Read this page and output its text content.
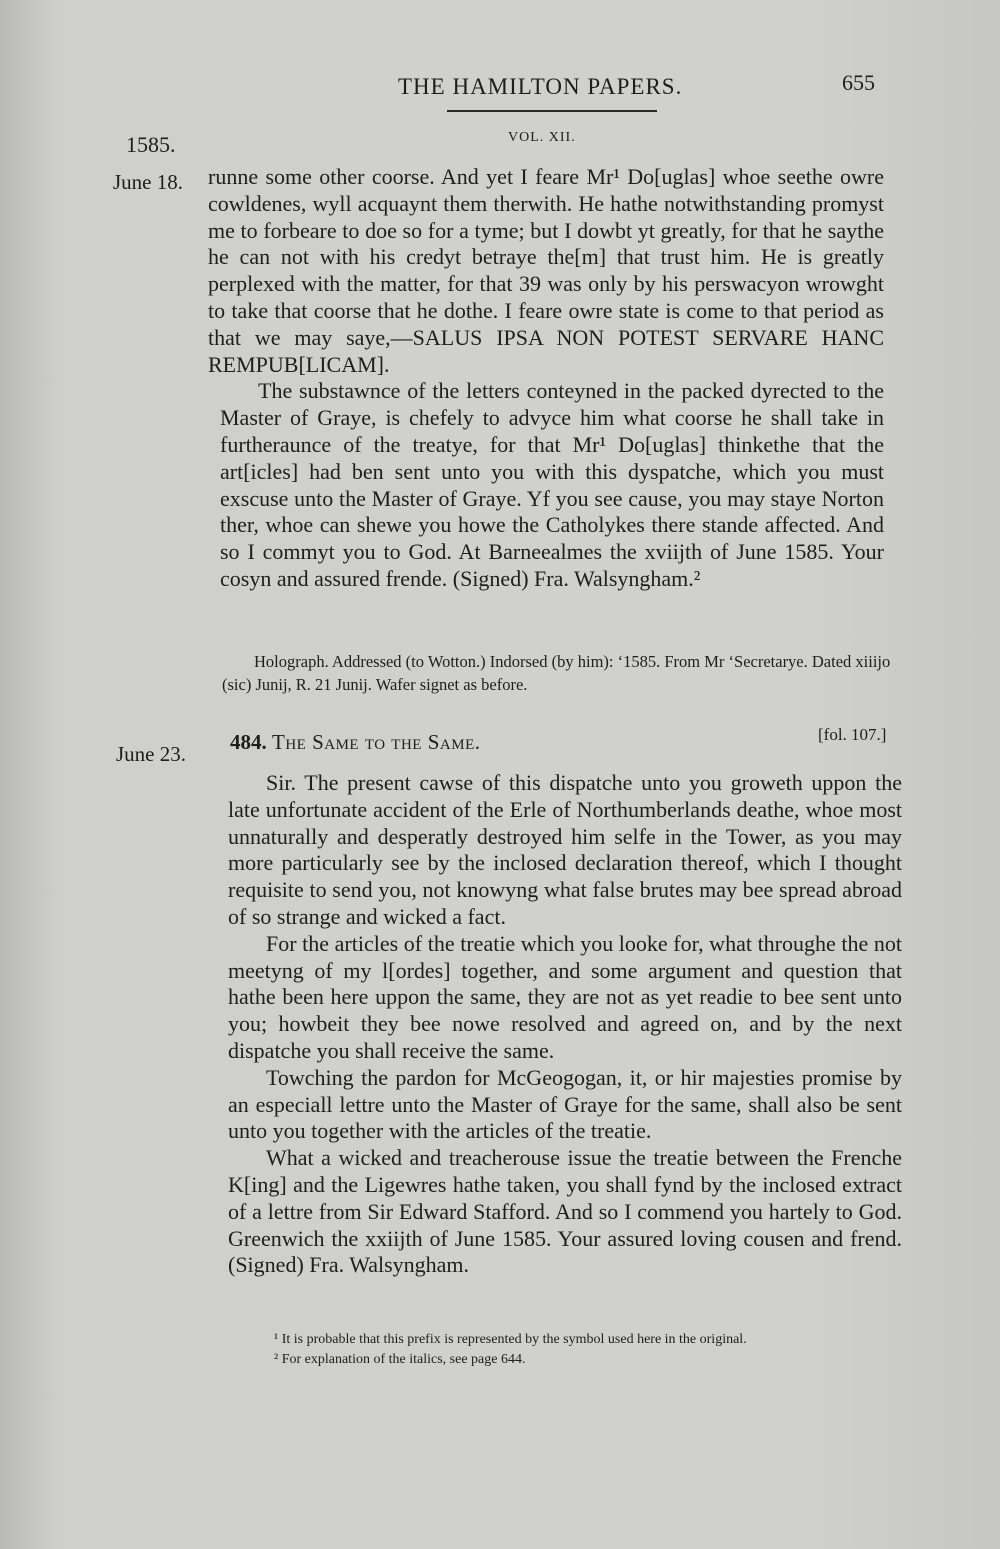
THE HAMILTON PAPERS.	655
VOL. XII.
1585.
June 18. runne some other coorse. And yet I feare Mr¹ Do[uglas] whoe seethe owre cowldenes, wyll acquaynt them therwith. He hathe notwithstanding promyst me to forbeare to doe so for a tyme; but I dowbt yt greatly, for that he saythe he can not with his credyt betraye the[m] that trust him. He is greatly perplexed with the matter, for that 39 was only by his perswacyon wrowght to take that coorse that he dothe. I feare owre state is come to that period as that we may saye,—SALUS IPSA NON POTEST SERVARE HANC REMPUB[LICAM].

The substawnce of the letters conteyned in the packed dyrected to the Master of Graye, is chefely to advyce him what coorse he shall take in furtheraunce of the treatye, for that Mr¹ Do[uglas] thinkethe that the art[icles] had ben sent unto you with this dyspatche, which you must exscuse unto the Master of Graye. Yf you see cause, you may staye Norton ther, whoe can shewe you howe the Catholykes there stande affected. And so I commyt you to God. At Barneealmes the xviijth of June 1585. Your cosyn and assured frende. (Signed) Fra. Walsyngham.²

Holograph. Addressed (to Wotton.) Indorsed (by him): ‘1585. From Mr ‘Secretarye. Dated xiiijo (sic) Junij, R. 21 Junij. Wafer signet as before.

June 23. 484. The Same to the Same.	[fol. 107.]

Sir. The present cawse of this dispatche unto you groweth uppon the late unfortunate accident of the Erle of Northumberlands deathe, whoe most unnaturally and desperatly destroyed him selfe in the Tower, as you may more particularly see by the inclosed declaration thereof, which I thought requisite to send you, not knowyng what false brutes may bee spread abroad of so strange and wicked a fact.

For the articles of the treatie which you looke for, what throughe the not meetyng of my l[ordes] together, and some argument and question that hathe been here uppon the same, they are not as yet readie to bee sent unto you; howbeit they bee nowe resolved and agreed on, and by the next dispatche you shall receive the same.

Towching the pardon for McGeogogan, it, or hir majesties promise by an especiall lettre unto the Master of Graye for the same, shall also be sent unto you together with the articles of the treatie.

What a wicked and treacherouse issue the treatie between the Frenche K[ing] and the Ligewres hathe taken, you shall fynd by the inclosed extract of a lettre from Sir Edward Stafford. And so I commend you hartely to God. Greenwich the xxiijth of June 1585. Your assured loving cousen and frend. (Signed) Fra. Walsyngham.

¹ It is probable that this prefix is represented by the symbol used here in the original.

² For explanation of the italics, see page 644.
